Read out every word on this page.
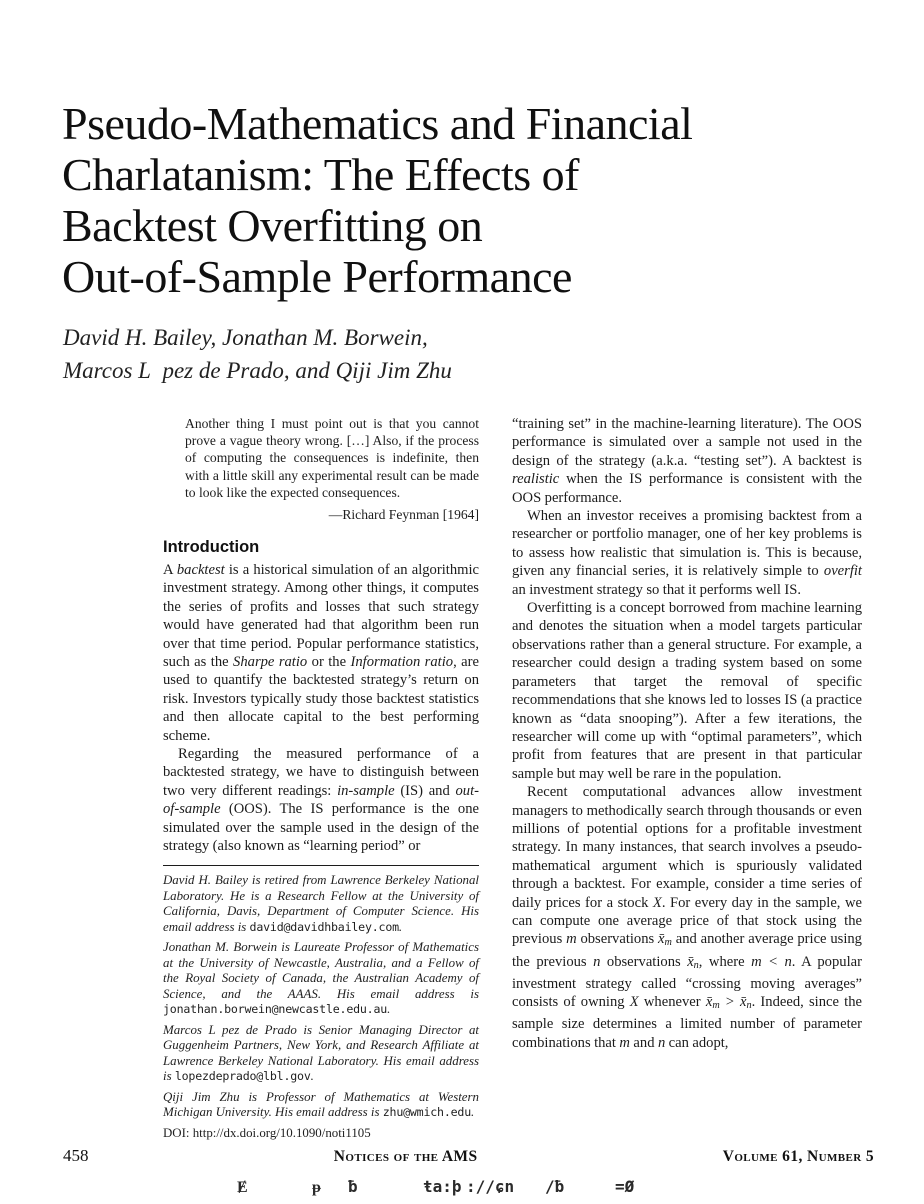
Pseudo-Mathematics and Financial
Charlatanism: The Effects of
Backtest Overfitting on
Out-of-Sample Performance
David H. Bailey, Jonathan M. Borwein,
Marcos L  pez de Prado, and Qiji Jim Zhu
Another thing I must point out is that you cannot prove a vague theory wrong. […] Also, if the process of computing the consequences is indefinite, then with a little skill any experimental result can be made to look like the expected consequences.
—Richard Feynman [1964]
Introduction

A backtest is a historical simulation of an algorithmic investment strategy. Among other things, it computes the series of profits and losses that such strategy would have generated had that algorithm been run over that time period. Popular performance statistics, such as the Sharpe ratio or the Information ratio, are used to quantify the backtested strategy’s return on risk. Investors typically study those backtest statistics and then allocate capital to the best performing scheme.

Regarding the measured performance of a backtested strategy, we have to distinguish between two very different readings: in-sample (IS) and out-of-sample (OOS). The IS performance is the one simulated over the sample used in the design of the strategy (also known as “learning period” or

David H. Bailey is retired from Lawrence Berkeley National Laboratory. He is a Research Fellow at the University of California, Davis, Department of Computer Science. His email address is david@davidhbailey.com.

Jonathan M. Borwein is Laureate Professor of Mathematics at the University of Newcastle, Australia, and a Fellow of the Royal Society of Canada, the Australian Academy of Science, and the AAAS. His email address is jonathan.borwein@newcastle.edu.au.

Marcos L pez de Prado is Senior Managing Director at Guggenheim Partners, New York, and Research Affiliate at Lawrence Berkeley National Laboratory. His email address is lopezdeprado@lbl.gov.

Qiji Jim Zhu is Professor of Mathematics at Western Michigan University. His email address is zhu@wmich.edu.

DOI: http://dx.doi.org/10.1090/noti1105

“training set” in the machine-learning literature). The OOS performance is simulated over a sample not used in the design of the strategy (a.k.a. “testing set”). A backtest is realistic when the IS performance is consistent with the OOS performance.

When an investor receives a promising backtest from a researcher or portfolio manager, one of her key problems is to assess how realistic that simulation is. This is because, given any financial series, it is relatively simple to overfit an investment strategy so that it performs well IS.

Overfitting is a concept borrowed from machine learning and denotes the situation when a model targets particular observations rather than a general structure. For example, a researcher could design a trading system based on some parameters that target the removal of specific recommendations that she knows led to losses IS (a practice known as “data snooping”). After a few iterations, the researcher will come up with “optimal parameters”, which profit from features that are present in that particular sample but may well be rare in the population.

Recent computational advances allow investment managers to methodically search through thousands or even millions of potential options for a profitable investment strategy. In many instances, that search involves a pseudo-mathematical argument which is spuriously validated through a backtest. For example, consider a time series of daily prices for a stock X. For every day in the sample, we can compute one average price of that stock using the previous m observations x̄m and another average price using the previous n observations x̄n, where m < n. A popular investment strategy called “crossing moving averages” consists of owning X whenever x̄m > x̄n. Indeed, since the sample size determines a limited number of parameter combinations that m and n can adopt,

458	Notices of the AMS	Volume 61, Number 5
Ɇ	ᵽ ƀ	ŧa:þ ://ɕn /ƀ	=Ø
